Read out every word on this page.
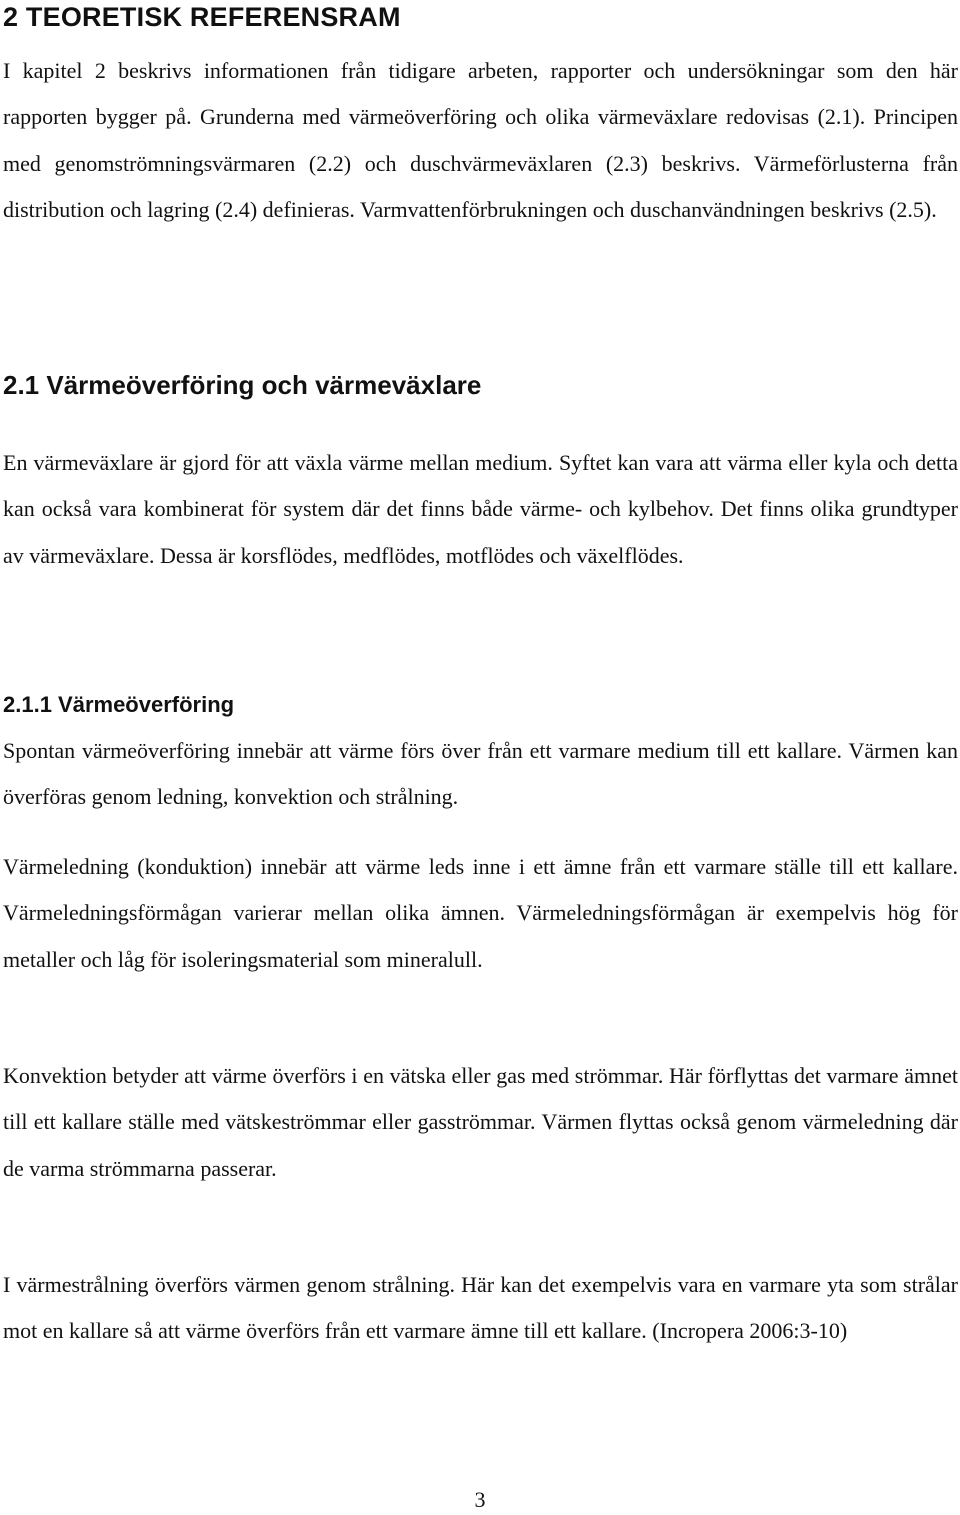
2 TEORETISK REFERENSRAM

I kapitel 2 beskrivs informationen från tidigare arbeten, rapporter och undersökningar som den här rapporten bygger på. Grunderna med värmeöverföring och olika värmeväxlare redovisas (2.1). Principen med genomströmningsvärmaren (2.2) och duschvärmeväxlaren (2.3) beskrivs. Värmeförlusterna från distribution och lagring (2.4) definieras. Varmvattenförbrukningen och duschanvändningen beskrivs (2.5).

2.1 Värmeöverföring och värmeväxlare

En värmeväxlare är gjord för att växla värme mellan medium. Syftet kan vara att värma eller kyla och detta kan också vara kombinerat för system där det finns både värme- och kylbehov. Det finns olika grundtyper av värmeväxlare. Dessa är korsflödes, medflödes, motflödes och växelflödes.

2.1.1 Värmeöverföring

Spontan värmeöverföring innebär att värme förs över från ett varmare medium till ett kallare. Värmen kan överföras genom ledning, konvektion och strålning.

Värmeledning (konduktion) innebär att värme leds inne i ett ämne från ett varmare ställe till ett kallare. Värmeledningsförmågan varierar mellan olika ämnen. Värmeledningsförmågan är exempelvis hög för metaller och låg för isoleringsmaterial som mineralull.

Konvektion betyder att värme överförs i en vätska eller gas med strömmar. Här förflyttas det varmare ämnet till ett kallare ställe med vätskeströmmar eller gasströmmar. Värmen flyttas också genom värmeledning där de varma strömmarna passerar.

I värmestrålning överförs värmen genom strålning. Här kan det exempelvis vara en varmare yta som strålar mot en kallare så att värme överförs från ett varmare ämne till ett kallare. (Incropera 2006:3-10)

3
